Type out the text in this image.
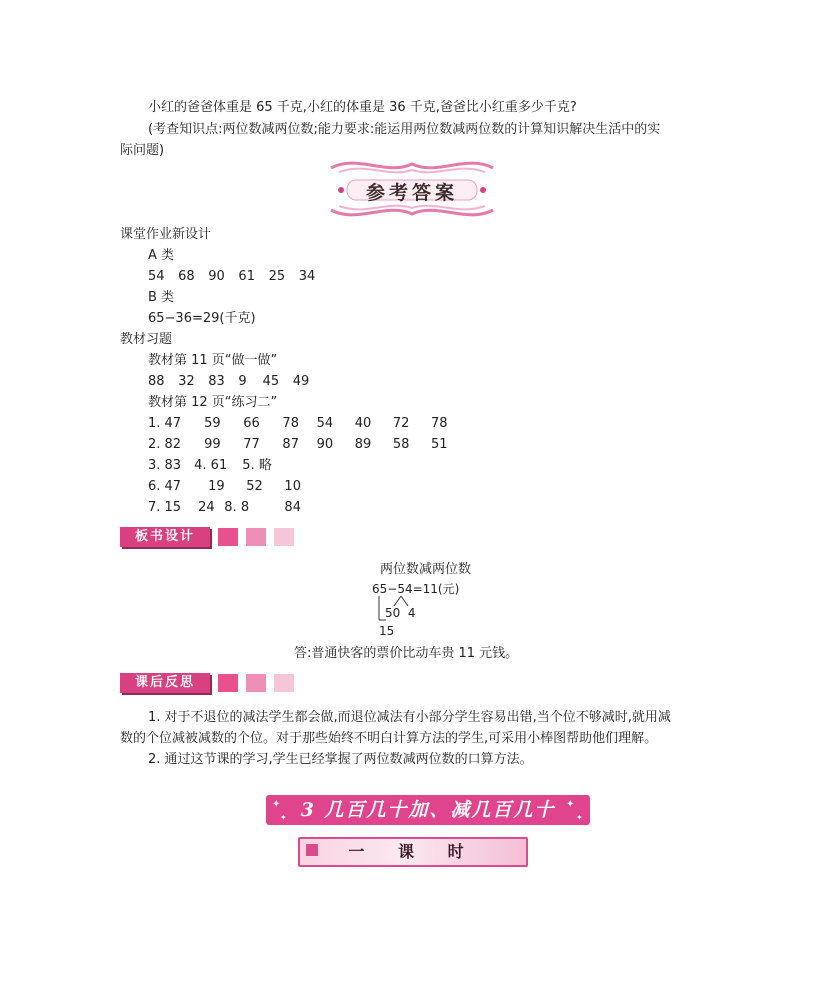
小红的爸爸体重是 65 千克,小红的体重是 36 千克,爸爸比小红重多少千克?
(考查知识点:两位数减两位数;能力要求:能运用两位数减两位数的计算知识解决生活中的实
际问题)
参考答案
课堂作业新设计
A 类
54 68 90 61 25 34
B 类
65−36=29(千克)
教材习题
教材第 11 页“做一做”
88 32 83 9 45 49
教材第 12 页“练习二”
1. 47 59 66 78 54 40 72 78
2. 82 99 77 87 90 89 58 51
3. 83 4. 61 5. 略
6. 47 19 52 10
7. 15 24 8. 8	84
板书设计
两位数减两位数
65−54=11(元)
50  4
15
答:普通快客的票价比动车贵 11 元钱。
课后反思
1. 对于不退位的减法学生都会做,而退位减法有小部分学生容易出错,当个位不够减时,就用减
数的个位减被减数的个位。对于那些始终不明白计算方法的学生,可采用小棒图帮助他们理解。
2. 通过这节课的学习,学生已经掌握了两位数减两位数的口算方法。
✦
✦
✦
✦
3 几百几十加、减几百几十
一 课 时
